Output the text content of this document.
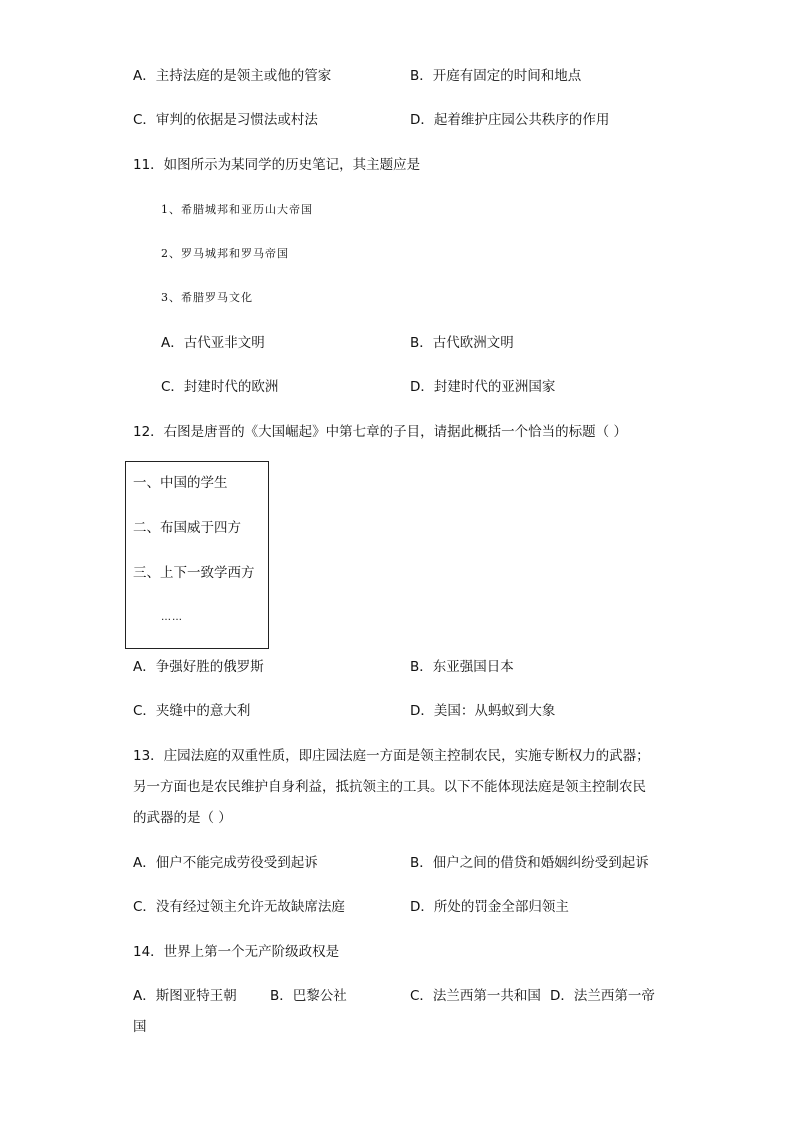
A．主持法庭的是领主或他的管家	B．开庭有固定的时间和地点
C．审判的依据是习惯法或村法	D．起着维护庄园公共秩序的作用
11．如图所示为某同学的历史笔记，其主题应是
1、希腊城邦和亚历山大帝国
2、罗马城邦和罗马帝国
3、希腊罗马文化
A．古代亚非文明	B．古代欧洲文明
C．封建时代的欧洲	D．封建时代的亚洲国家
12．右图是唐晋的《大国崛起》中第七章的子目，请据此概括一个恰当的标题（ ）
一、中国的学生
二、布国威于四方
三、上下一致学西方
……
A．争强好胜的俄罗斯	B．东亚强国日本
C．夹缝中的意大利	D．美国：从蚂蚁到大象
13．庄园法庭的双重性质，即庄园法庭一方面是领主控制农民，实施专断权力的武器；
另一方面也是农民维护自身利益，抵抗领主的工具。以下不能体现法庭是领主控制农民
的武器的是（ ）
A．佃户不能完成劳役受到起诉	B．佃户之间的借贷和婚姻纠纷受到起诉
C．没有经过领主允许无故缺席法庭	D．所处的罚金全部归领主
14．世界上第一个无产阶级政权是
A．斯图亚特王朝 B．巴黎公社	C．法兰西第一共和国 D．法兰西第一帝
国
